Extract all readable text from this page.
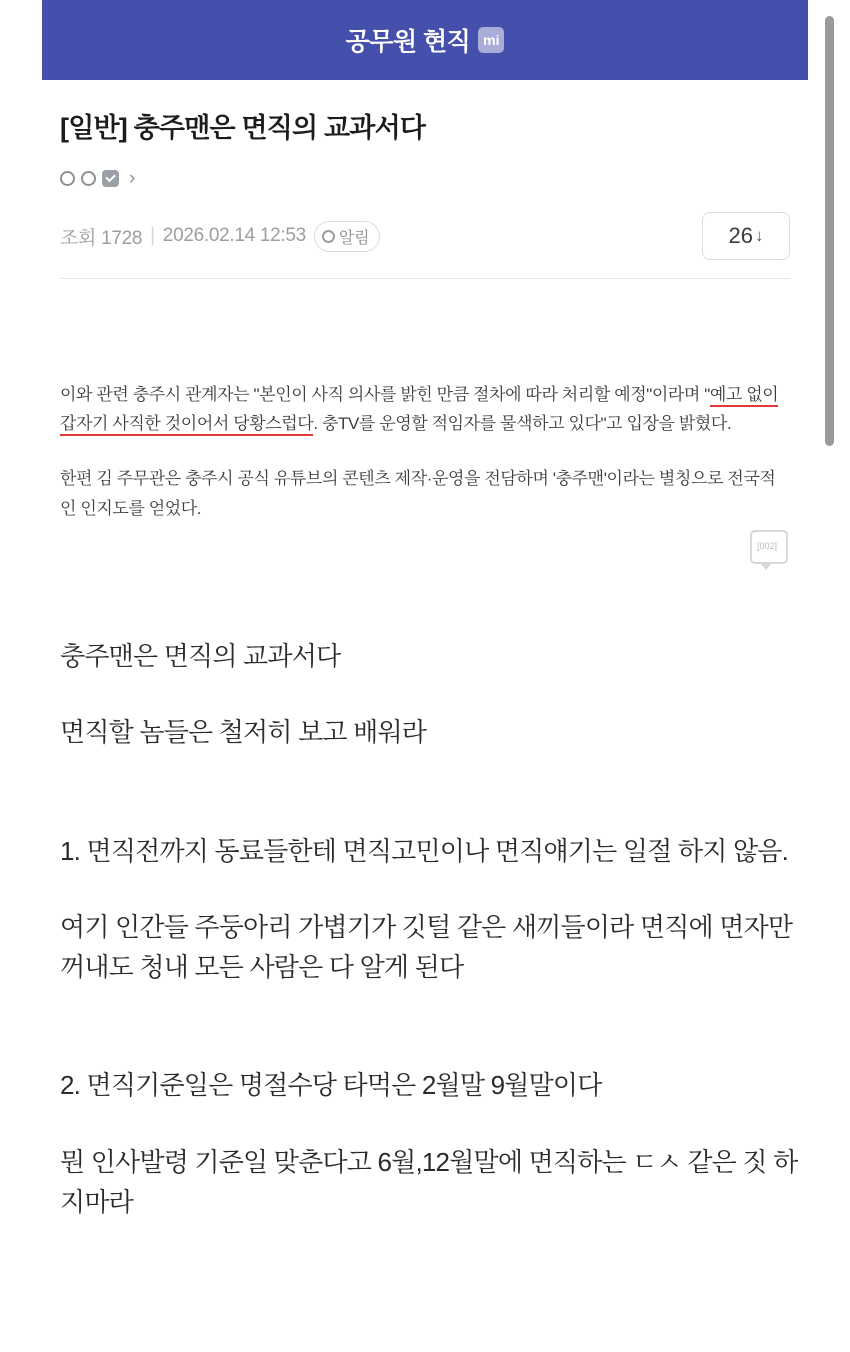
공무원 현직 mi
[일반] 충주맨은 면직의 교과서다
›
조회 1728 | 2026.02.14 12:53 알림	26 ↓

이와 관련 충주시 관계자는 "본인이 사직 의사를 밝힌 만큼 절차에 따라 처리할 예정"이라며 "예고 없이 갑자기 사직한 것이어서 당황스럽다. 충TV를 운영할 적임자를 물색하고 있다"고 입장을 밝혔다.

한편 김 주무관은 충주시 공식 유튜브의 콘텐츠 제작·운영을 전담하며 '충주맨'이라는 별칭으로 전국적인 인지도를 얻었다.

[002]

충주맨은 면직의 교과서다

면직할 놈들은 철저히 보고 배워라

1. 면직전까지 동료들한테 면직고민이나 면직얘기는 일절 하지 않음.

여기 인간들 주둥아리 가볍기가 깃털 같은 새끼들이라 면직에 면자만 꺼내도 청내 모든 사람은 다 알게 된다

2. 면직기준일은 명절수당 타먹은 2월말 9월말이다

뭔 인사발령 기준일 맞춘다고 6월,12월말에 면직하는 ㄷㅅ 같은 짓 하지마라
